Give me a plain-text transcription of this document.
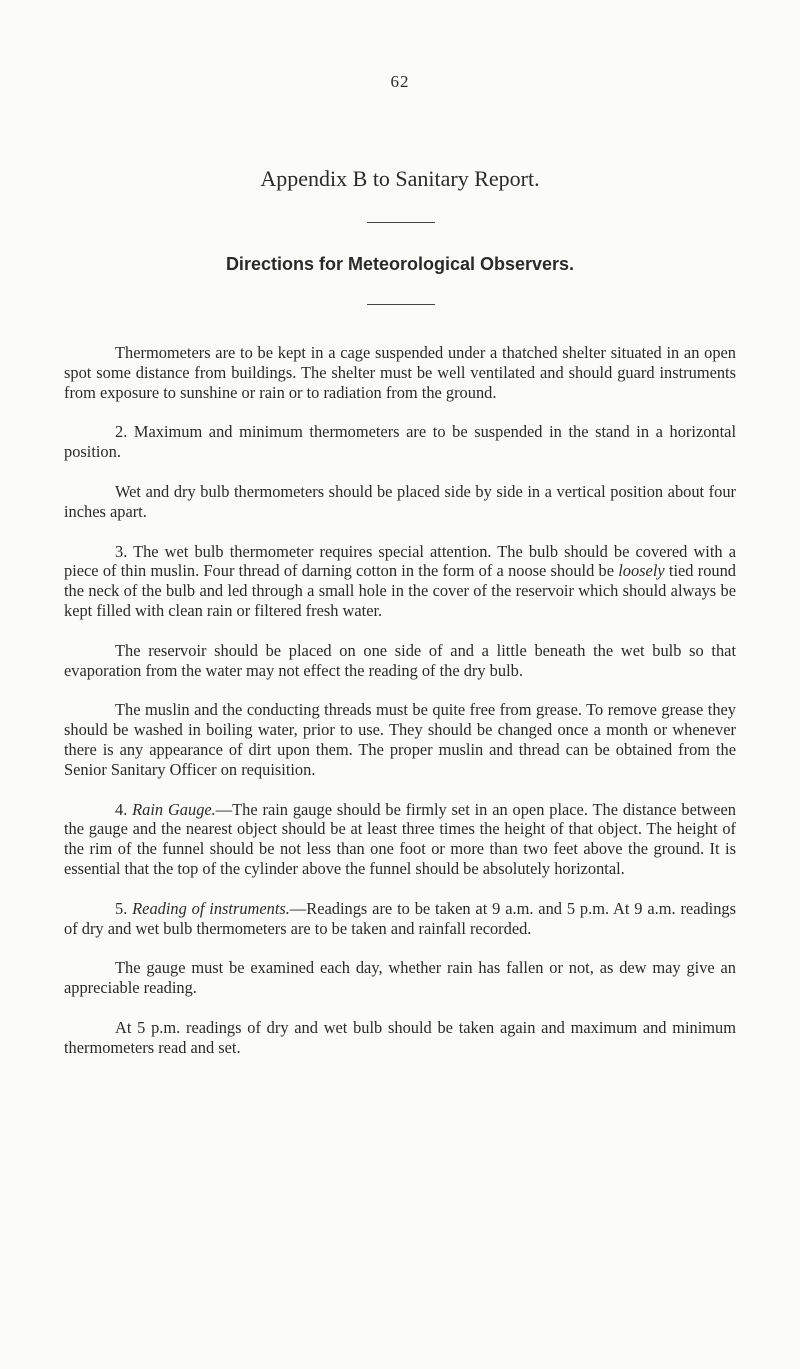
62
Appendix B to Sanitary Report.
Directions for Meteorological Observers.

Thermometers are to be kept in a cage suspended under a thatched shelter situated in an open spot some distance from buildings. The shelter must be well ventilated and should guard instruments from exposure to sunshine or rain or to radiation from the ground.

2. Maximum and minimum thermometers are to be suspended in the stand in a horizontal position.

Wet and dry bulb thermometers should be placed side by side in a vertical position about four inches apart.

3. The wet bulb thermometer requires special attention. The bulb should be covered with a piece of thin muslin. Four thread of darning cotton in the form of a noose should be loosely tied round the neck of the bulb and led through a small hole in the cover of the reservoir which should always be kept filled with clean rain or filtered fresh water.

The reservoir should be placed on one side of and a little beneath the wet bulb so that evaporation from the water may not effect the reading of the dry bulb.

The muslin and the conducting threads must be quite free from grease. To remove grease they should be washed in boiling water, prior to use. They should be changed once a month or whenever there is any appearance of dirt upon them. The proper muslin and thread can be obtained from the Senior Sanitary Officer on requisition.

4. Rain Gauge.—The rain gauge should be firmly set in an open place. The distance between the gauge and the nearest object should be at least three times the height of that object. The height of the rim of the funnel should be not less than one foot or more than two feet above the ground. It is essential that the top of the cylinder above the funnel should be absolutely horizontal.

5. Reading of instruments.—Readings are to be taken at 9 a.m. and 5 p.m. At 9 a.m. readings of dry and wet bulb thermometers are to be taken and rainfall recorded.

The gauge must be examined each day, whether rain has fallen or not, as dew may give an appreciable reading.

At 5 p.m. readings of dry and wet bulb should be taken again and maximum and minimum thermometers read and set.
